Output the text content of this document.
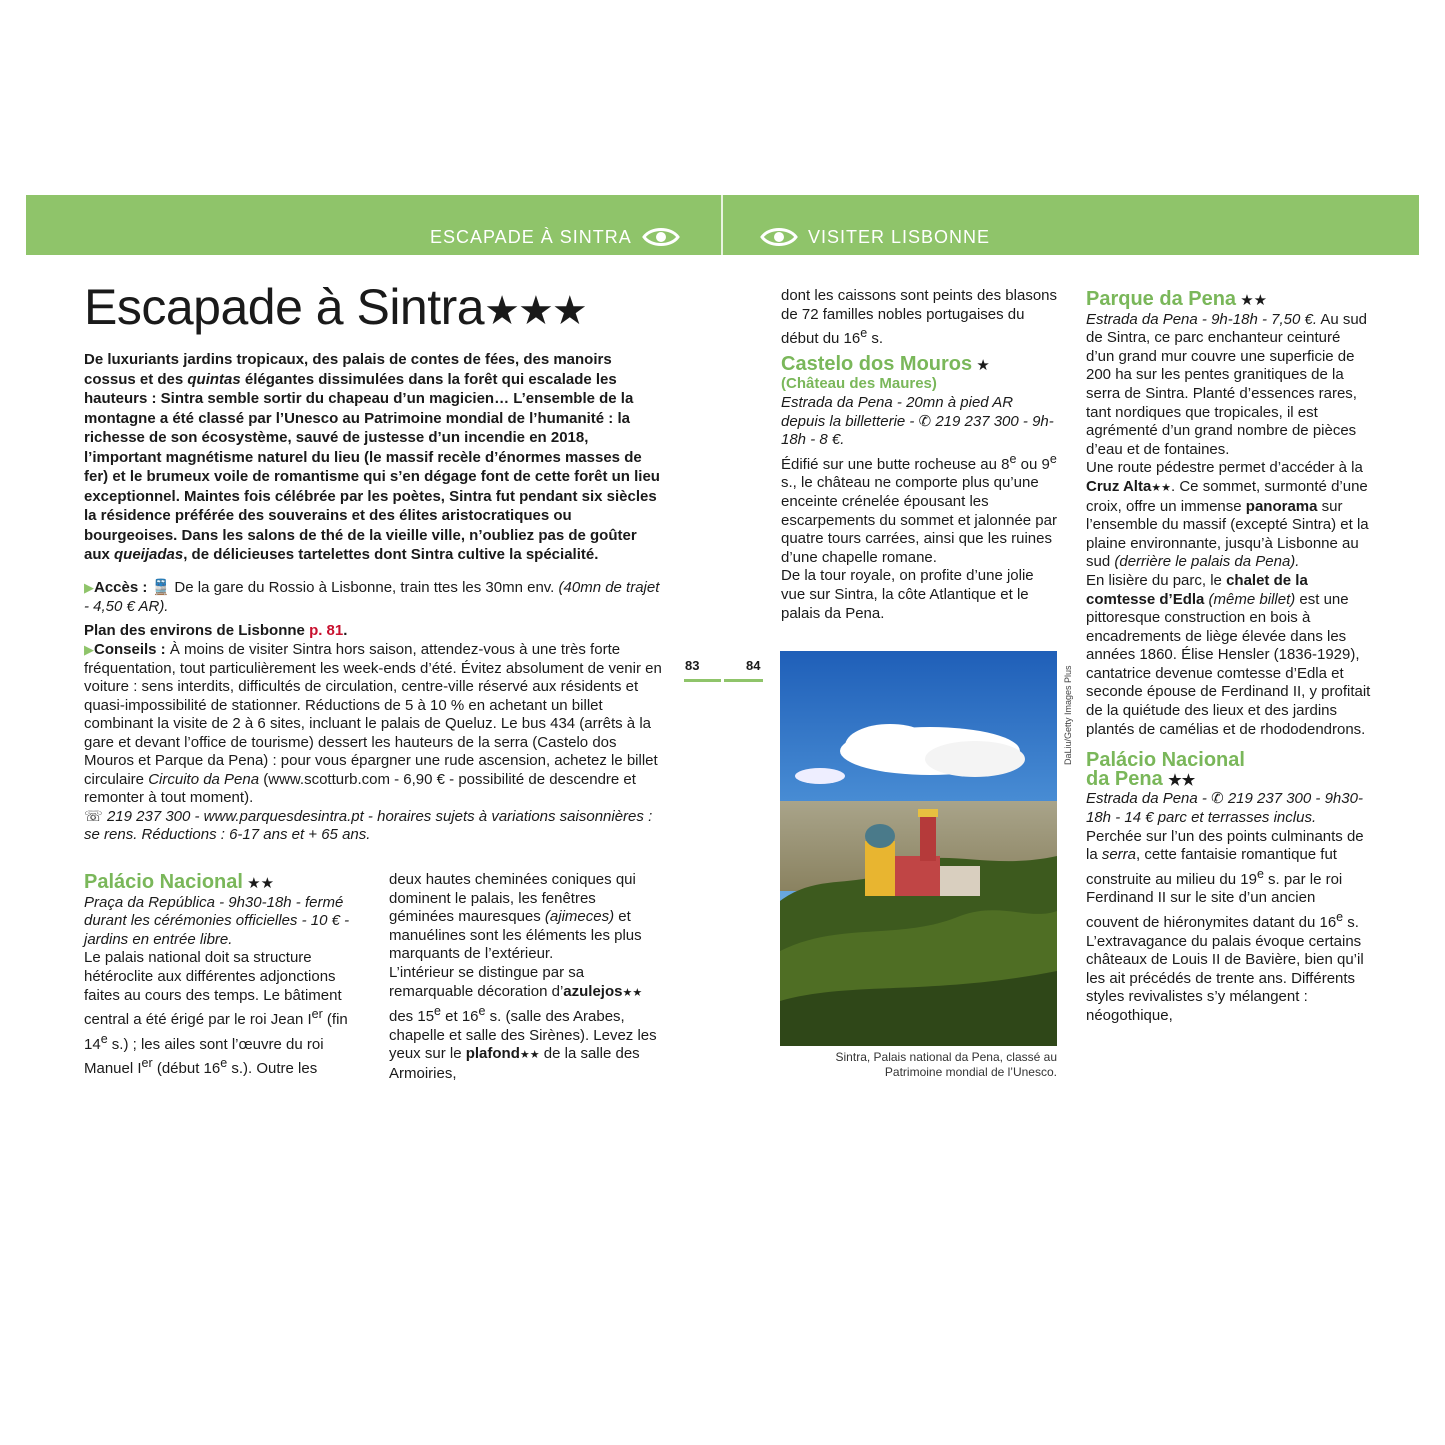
ESCAPADE À SINTRA	VISITER LISBONNE
Escapade à Sintra★★★
De luxuriants jardins tropicaux, des palais de contes de fées, des manoirs cossus et des quintas élégantes dissimulées dans la forêt qui escalade les hauteurs : Sintra semble sortir du chapeau d’un magicien… L’ensemble de la montagne a été classé par l’Unesco au Patrimoine mondial de l’humanité : la richesse de son écosystème, sauvé de justesse d’un incendie en 2018, l’important magnétisme naturel du lieu (le massif recèle d’énormes masses de fer) et le brumeux voile de romantisme qui s’en dégage font de cette forêt un lieu exceptionnel. Maintes fois célébrée par les poètes, Sintra fut pendant six siècles la résidence préférée des souverains et des élites aristocratiques ou bourgeoises. Dans les salons de thé de la vieille ville, n’oubliez pas de goûter aux queijadas, de délicieuses tartelettes dont Sintra cultive la spécialité.
▶Accès : 🚆 De la gare du Rossio à Lisbonne, train ttes les 30mn env. (40mn de trajet - 4,50 € AR).
Plan des environs de Lisbonne p. 81.
▶Conseils : À moins de visiter Sintra hors saison, attendez-vous à une très forte fréquentation, tout particulièrement les week-ends d’été. Évitez absolument de venir en voiture : sens interdits, difficultés de circulation, centre-ville réservé aux résidents et quasi-impossibilité de stationner. Réductions de 5 à 10 % en achetant un billet combinant la visite de 2 à 6 sites, incluant le palais de Queluz. Le bus 434 (arrêts à la gare et devant l’office de tourisme) dessert les hauteurs de la serra (Castelo dos Mouros et Parque da Pena) : pour vous épargner une rude ascension, achetez le billet circulaire Circuito da Pena (www.scotturb.com - 6,90 € - possibilité de descendre et remonter à tout moment).
☏ 219 237 300 - www.parquesdesintra.pt - horaires sujets à variations saisonnières : se rens. Réductions : 6-17 ans et + 65 ans.
Palácio Nacional ★★
Praça da República - 9h30-18h - fermé durant les cérémonies officielles - 10 € - jardins en entrée libre.
Le palais national doit sa structure hétéroclite aux différentes adjonctions faites au cours des temps. Le bâtiment central a été érigé par le roi Jean Ier (fin 14e s.) ; les ailes sont l’œuvre du roi Manuel Ier (début 16e s.). Outre les
deux hautes cheminées coniques qui dominent le palais, les fenêtres géminées mauresques (ajimeces) et manuélines sont les éléments les plus marquants de l’extérieur.
L’intérieur se distingue par sa remarquable décoration d’azulejos★★ des 15e et 16e s. (salle des Arabes, chapelle et salle des Sirènes). Levez les yeux sur le plafond★★ de la salle des Armoiries,
83	84
dont les caissons sont peints des blasons de 72 familles nobles portugaises du début du 16e s.
Castelo dos Mouros ★
(Château des Maures)
Estrada da Pena - 20mn à pied AR depuis la billetterie - ✆ 219 237 300 - 9h-18h - 8 €.
Édifié sur une butte rocheuse au 8e ou 9e s., le château ne comporte plus qu’une enceinte crénelée épousant les escarpements du sommet et jalonnée par quatre tours carrées, ainsi que les ruines d’une chapelle romane.
De la tour royale, on profite d’une jolie vue sur Sintra, la côte Atlantique et le palais da Pena.
DaLiu/Getty Images Plus
Sintra, Palais national da Pena, classé au Patrimoine mondial de l’Unesco.
Parque da Pena ★★
Estrada da Pena - 9h-18h - 7,50 €. Au sud de Sintra, ce parc enchanteur ceinturé d’un grand mur couvre une superficie de 200 ha sur les pentes granitiques de la serra de Sintra. Planté d’essences rares, tant nordiques que tropicales, il est agrémenté d’un grand nombre de pièces d’eau et de fontaines.
Une route pédestre permet d’accéder à la Cruz Alta★★. Ce sommet, surmonté d’une croix, offre un immense panorama sur l’ensemble du massif (excepté Sintra) et la plaine environnante, jusqu’à Lisbonne au sud (derrière le palais da Pena).
En lisière du parc, le chalet de la comtesse d’Edla (même billet) est une pittoresque construction en bois à encadrements de liège élevée dans les années 1860. Élise Hensler (1836-1929), cantatrice devenue comtesse d’Edla et seconde épouse de Ferdinand II, y profitait de la quiétude des lieux et des jardins plantés de camélias et de rhododendrons.
Palácio Nacional
da Pena ★★
Estrada da Pena - ✆ 219 237 300 - 9h30-18h - 14 € parc et terrasses inclus.
Perchée sur l’un des points culminants de la serra, cette fantaisie romantique fut construite au milieu du 19e s. par le roi Ferdinand II sur le site d’un ancien couvent de hiéronymites datant du 16e s. L’extravagance du palais évoque certains châteaux de Louis II de Bavière, bien qu’il les ait précédés de trente ans. Différents styles revivalistes s’y mélangent : néogothique,
